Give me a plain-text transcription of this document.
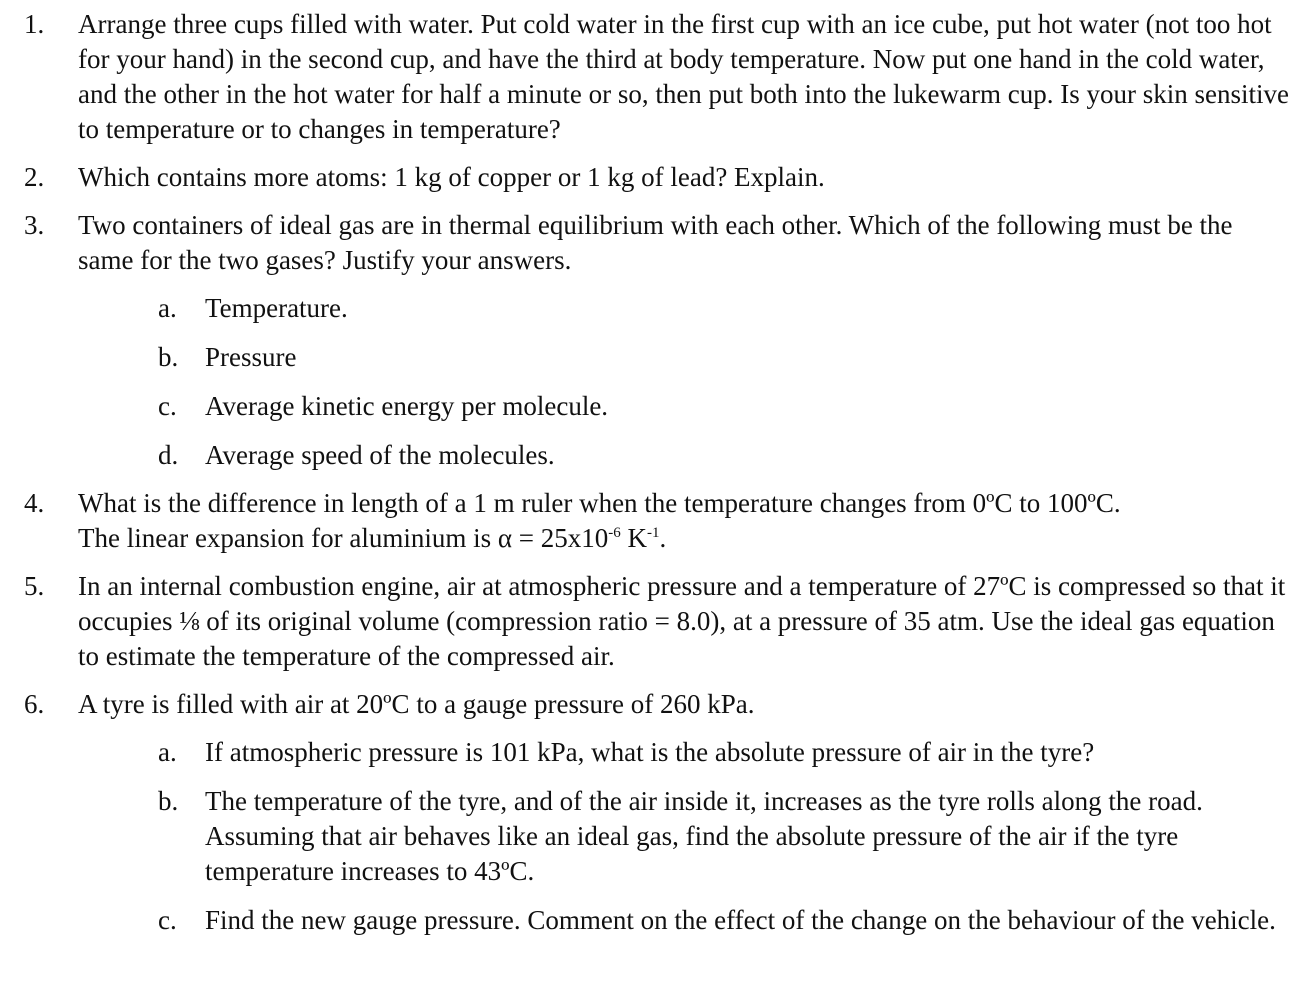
1. Arrange three cups filled with water. Put cold water in the first cup with an ice cube, put hot water (not too hot for your hand) in the second cup, and have the third at body temperature. Now put one hand in the cold water, and the other in the hot water for half a minute or so, then put both into the lukewarm cup. Is your skin sensitive to temperature or to changes in temperature?
2. Which contains more atoms: 1 kg of copper or 1 kg of lead? Explain.
3. Two containers of ideal gas are in thermal equilibrium with each other. Which of the following must be the same for the two gases? Justify your answers.
a. Temperature.
b. Pressure
c. Average kinetic energy per molecule.
d. Average speed of the molecules.
4. What is the difference in length of a 1 m ruler when the temperature changes from 0ºC to 100ºC.
The linear expansion for aluminium is $\alpha = 25x10^{-6}$ $K^{-1}$.
5. In an internal combustion engine, air at atmospheric pressure and a temperature of 27ºC is compressed so that it occupies ⅛ of its original volume (compression ratio = 8.0), at a pressure of 35 atm. Use the ideal gas equation to estimate the temperature of the compressed air.
6. A tyre is filled with air at 20ºC to a gauge pressure of 260 kPa.
a. If atmospheric pressure is 101 kPa, what is the absolute pressure of air in the tyre?
b. The temperature of the tyre, and of the air inside it, increases as the tyre rolls along the road. Assuming that air behaves like an ideal gas, find the absolute pressure of the air if the tyre temperature increases to 43ºC.
c. Find the new gauge pressure. Comment on the effect of the change on the behaviour of the vehicle.
